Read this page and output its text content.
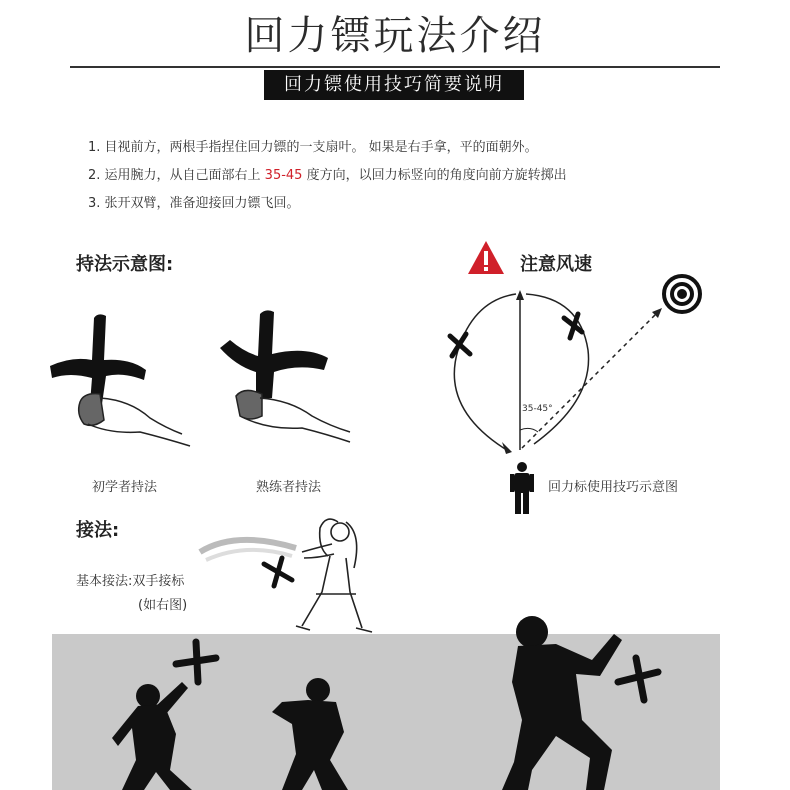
回力镖玩法介绍
回力镖使用技巧简要说明
1. 目视前方，两根手指捏住回力镖的一支扇叶。 如果是右手拿，平的面朝外。
2. 运用腕力，从自己面部右上 35-45 度方向，以回力标竖向的角度向前方旋转掷出
3. 张开双臂，准备迎接回力镖飞回。
持法示意图:
初学者持法	熟练者持法
注意风速
35-45°
回力标使用技巧示意图
接法:
基本接法:双手接标
(如右图)
